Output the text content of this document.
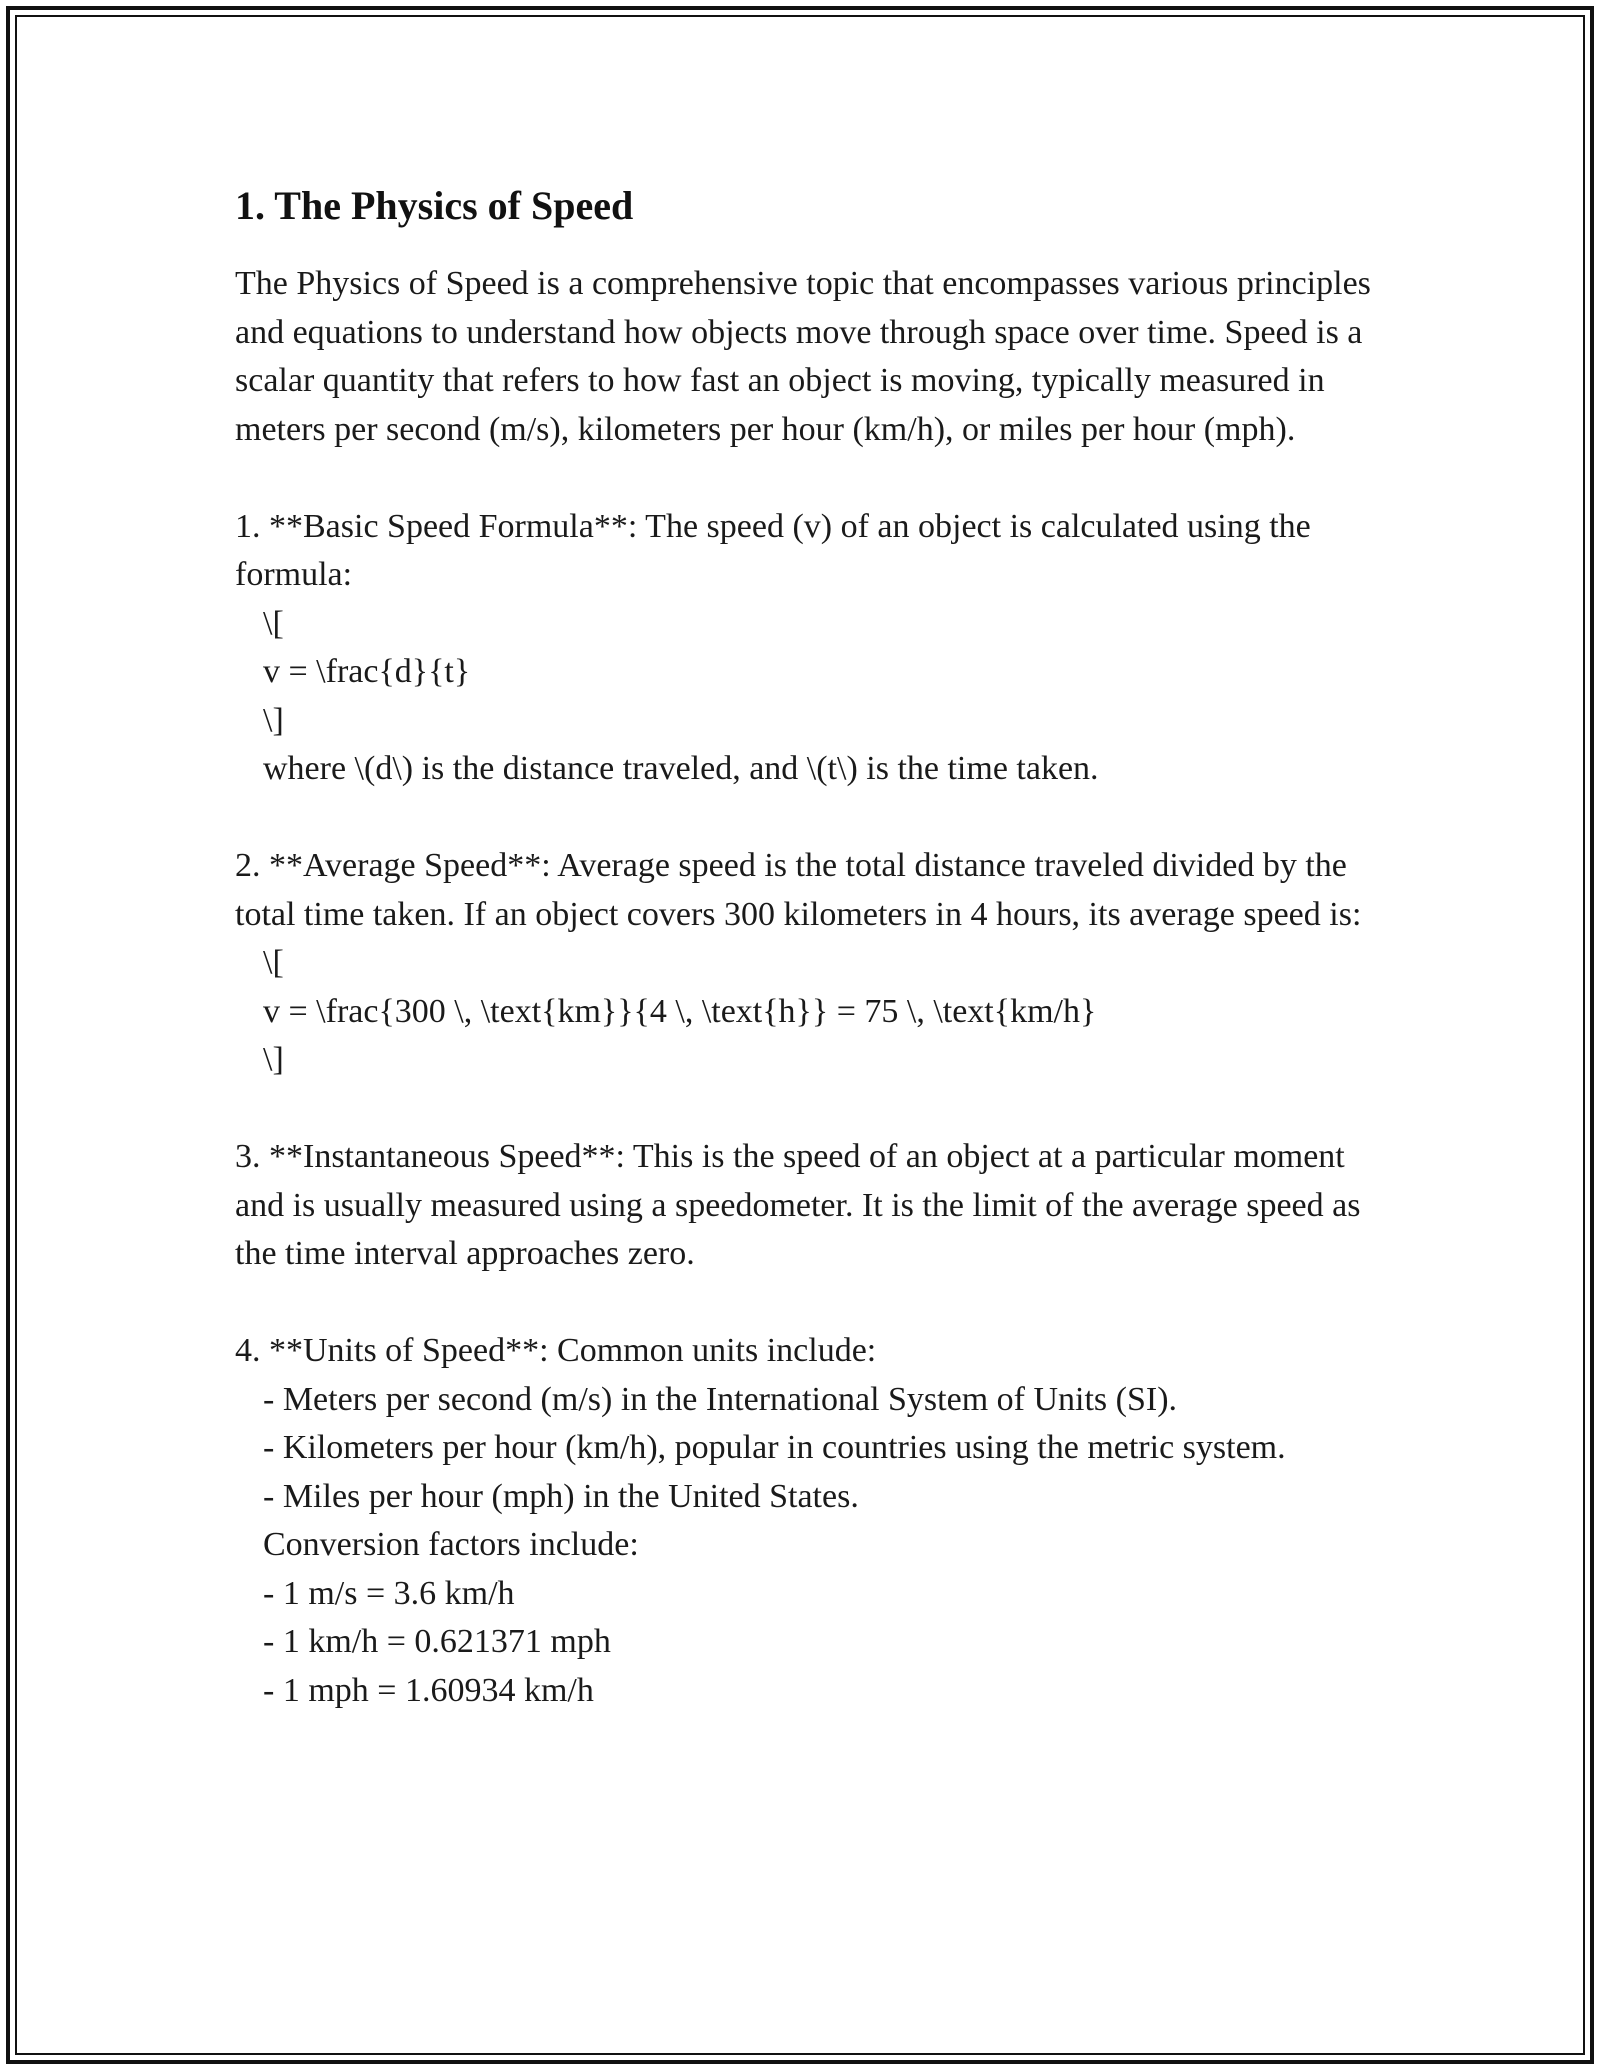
1. The Physics of Speed

The Physics of Speed is a comprehensive topic that encompasses various principles and equations to understand how objects move through space over time. Speed is a scalar quantity that refers to how fast an object is moving, typically measured in meters per second (m/s), kilometers per hour (km/h), or miles per hour (mph).

1. **Basic Speed Formula**: The speed (v) of an object is calculated using the formula:

\[
v = \frac{d}{t}
\]
where \(d\) is the distance traveled, and \(t\) is the time taken.

2. **Average Speed**: Average speed is the total distance traveled divided by the total time taken. If an object covers 300 kilometers in 4 hours, its average speed is:

\[
v = \frac{300 \, \text{km}}{4 \, \text{h}} = 75 \, \text{km/h}
\]

3. **Instantaneous Speed**: This is the speed of an object at a particular moment and is usually measured using a speedometer. It is the limit of the average speed as the time interval approaches zero.

4. **Units of Speed**: Common units include:

- Meters per second (m/s) in the International System of Units (SI).
- Kilometers per hour (km/h), popular in countries using the metric system.
- Miles per hour (mph) in the United States.
Conversion factors include:
- 1 m/s = 3.6 km/h
- 1 km/h = 0.621371 mph
- 1 mph = 1.60934 km/h
